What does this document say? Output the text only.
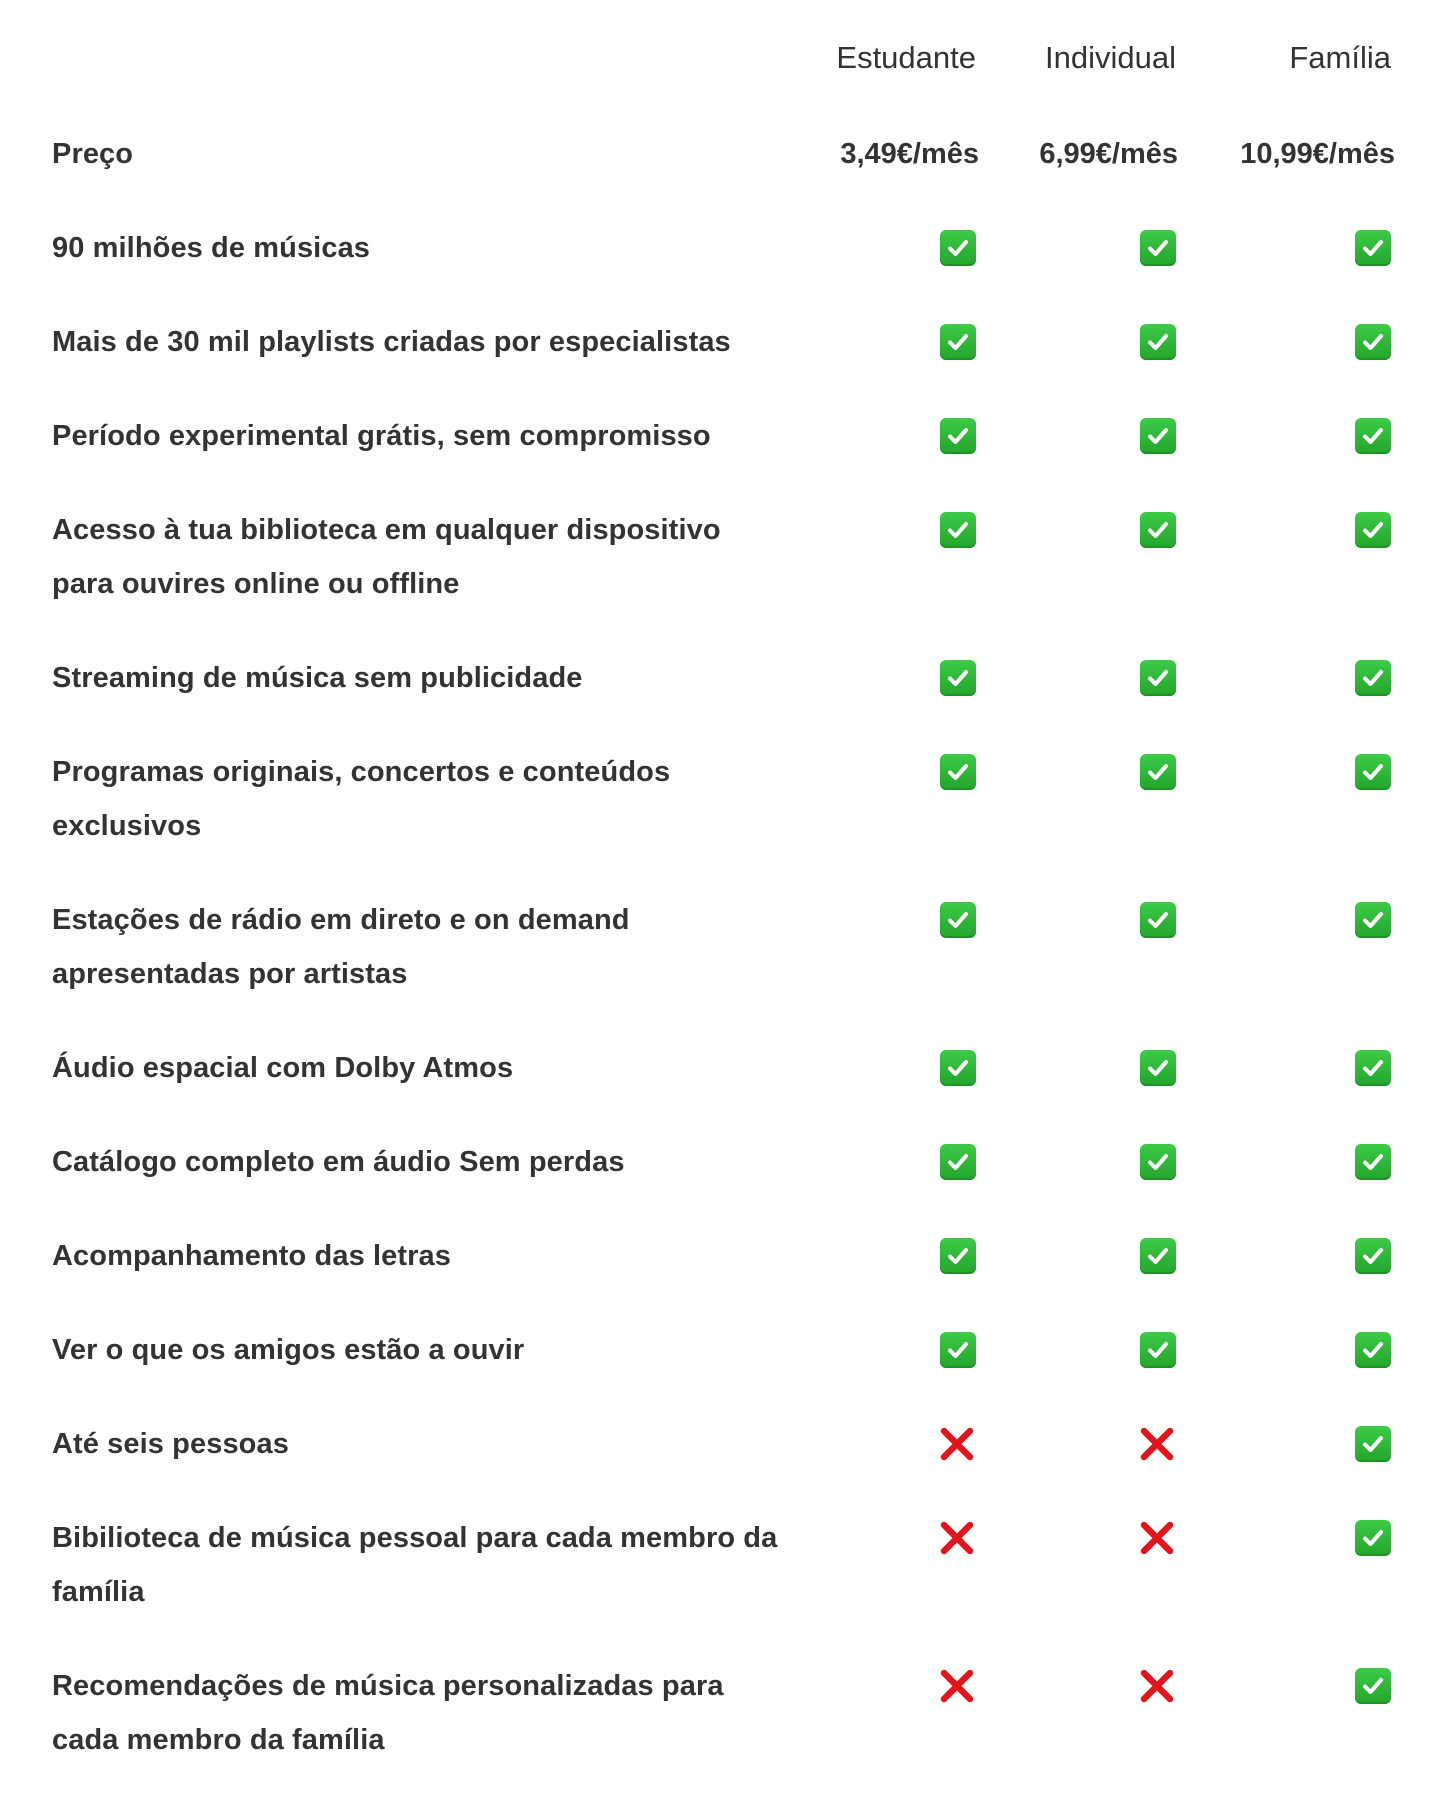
Estudante Individual	Família
Preço	3,49€/mês 6,99€/mês 10,99€/mês
90 milhões de músicas
Mais de 30 mil playlists criadas por especialistas
Período experimental grátis, sem compromisso
Acesso à tua biblioteca em qualquer dispositivo para ouvires online ou offline
Streaming de música sem publicidade
Programas originais, concertos e conteúdos exclusivos
Estações de rádio em direto e on demand apresentadas por artistas
Áudio espacial com Dolby Atmos
Catálogo completo em áudio Sem perdas
Acompanhamento das letras
Ver o que os amigos estão a ouvir
Até seis pessoas
Bibilioteca de música pessoal para cada membro da família
Recomendações de música personalizadas para cada membro da família
